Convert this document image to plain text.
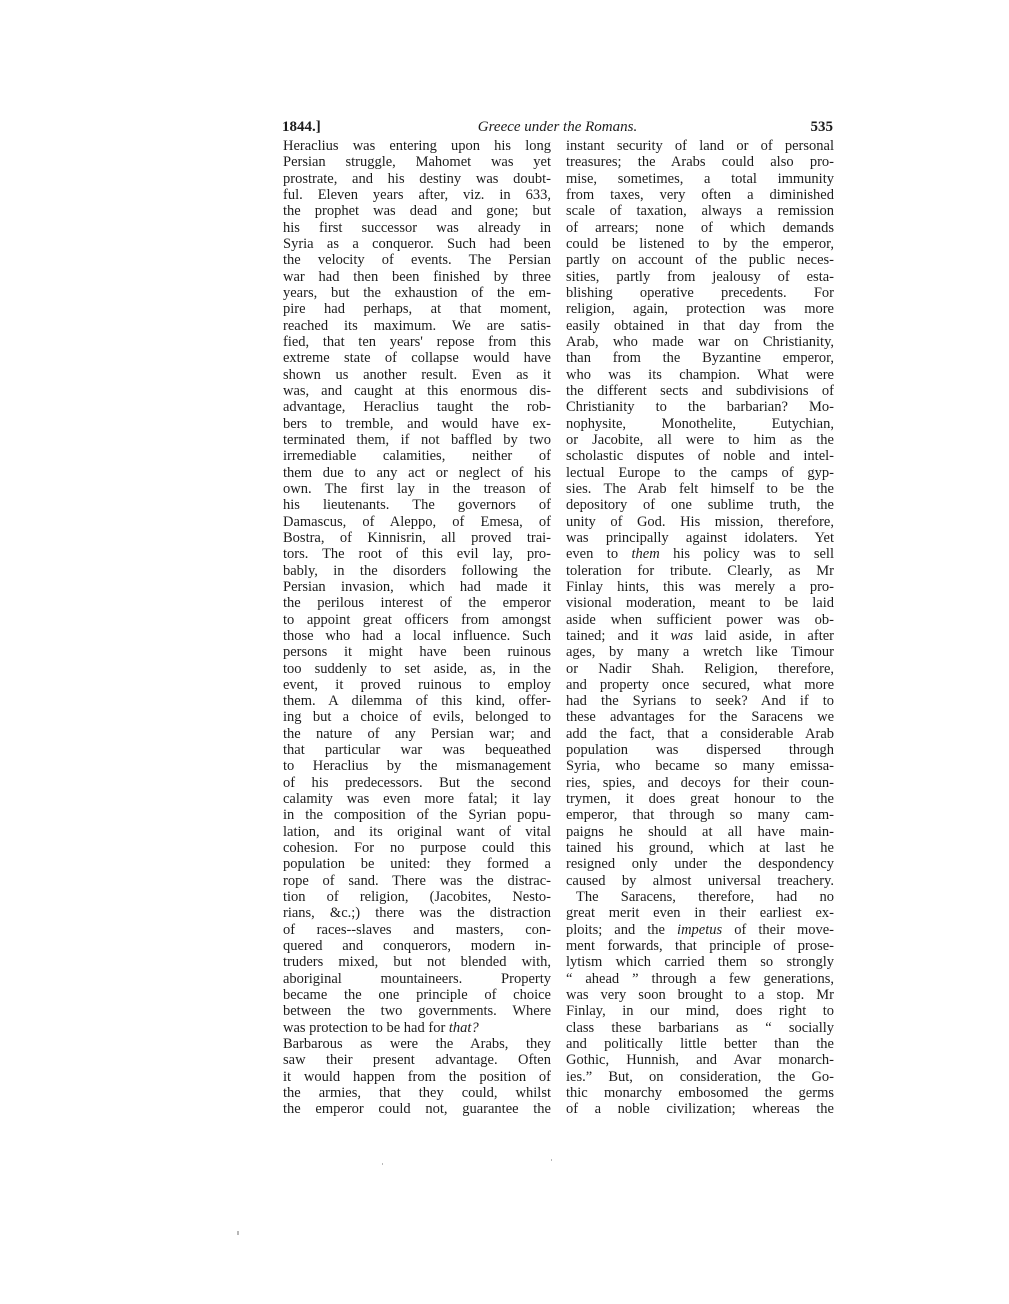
1844.]	Greece under the Romans.	535
Heraclius was entering upon his long
Persian struggle, Mahomet was yet
prostrate, and his destiny was doubt-
ful. Eleven years after, viz. in 633,
the prophet was dead and gone; but
his first successor was already in
Syria as a conqueror. Such had been
the velocity of events. The Persian
war had then been finished by three
years, but the exhaustion of the em-
pire had perhaps, at that moment,
reached its maximum. We are satis-
fied, that ten years' repose from this
extreme state of collapse would have
shown us another result. Even as it
was, and caught at this enormous dis-
advantage, Heraclius taught the rob-
bers to tremble, and would have ex-
terminated them, if not baffled by two
irremediable calamities, neither of
them due to any act or neglect of his
own. The first lay in the treason of
his lieutenants. The governors of
Damascus, of Aleppo, of Emesa, of
Bostra, of Kinnisrin, all proved trai-
tors. The root of this evil lay, pro-
bably, in the disorders following the
Persian invasion, which had made it
the perilous interest of the emperor
to appoint great officers from amongst
those who had a local influence. Such
persons it might have been ruinous
too suddenly to set aside, as, in the
event, it proved ruinous to employ
them. A dilemma of this kind, offer-
ing but a choice of evils, belonged to
the nature of any Persian war; and
that particular war was bequeathed
to Heraclius by the mismanagement
of his predecessors. But the second
calamity was even more fatal; it lay
in the composition of the Syrian popu-
lation, and its original want of vital
cohesion. For no purpose could this
population be united: they formed a
rope of sand. There was the distrac-
tion of religion, (Jacobites, Nesto-
rians, &c.;) there was the distraction
of races--slaves and masters, con-
quered and conquerors, modern in-
truders mixed, but not blended with,
aboriginal mountaineers. Property
became the one principle of choice
between the two governments. Where
was protection to be had for that?
Barbarous as were the Arabs, they
saw their present advantage. Often
it would happen from the position of
the armies, that they could, whilst
the emperor could not, guarantee the
instant security of land or of personal
treasures; the Arabs could also pro-
mise, sometimes, a total immunity
from taxes, very often a diminished
scale of taxation, always a remission
of arrears; none of which demands
could be listened to by the emperor,
partly on account of the public neces-
sities, partly from jealousy of esta-
blishing operative precedents. For
religion, again, protection was more
easily obtained in that day from the
Arab, who made war on Christianity,
than from the Byzantine emperor,
who was its champion. What were
the different sects and subdivisions of
Christianity to the barbarian? Mo-
nophysite, Monothelite, Eutychian,
or Jacobite, all were to him as the
scholastic disputes of noble and intel-
lectual Europe to the camps of gyp-
sies. The Arab felt himself to be the
depository of one sublime truth, the
unity of God. His mission, therefore,
was principally against idolaters. Yet
even to them his policy was to sell
toleration for tribute. Clearly, as Mr
Finlay hints, this was merely a pro-
visional moderation, meant to be laid
aside when sufficient power was ob-
tained; and it was laid aside, in after
ages, by many a wretch like Timour
or Nadir Shah. Religion, therefore,
and property once secured, what more
had the Syrians to seek? And if to
these advantages for the Saracens we
add the fact, that a considerable Arab
population was dispersed through
Syria, who became so many emissa-
ries, spies, and decoys for their coun-
trymen, it does great honour to the
emperor, that through so many cam-
paigns he should at all have main-
tained his ground, which at last he
resigned only under the despondency
caused by almost universal treachery.
The Saracens, therefore, had no
great merit even in their earliest ex-
ploits; and the impetus of their move-
ment forwards, that principle of prose-
lytism which carried them so strongly
“ ahead ” through a few generations,
was very soon brought to a stop. Mr
Finlay, in our mind, does right to
class these barbarians as “ socially
and politically little better than the
Gothic, Hunnish, and Avar monarch-
ies.” But, on consideration, the Go-
thic monarchy embosomed the germs
of a noble civilization; whereas the
